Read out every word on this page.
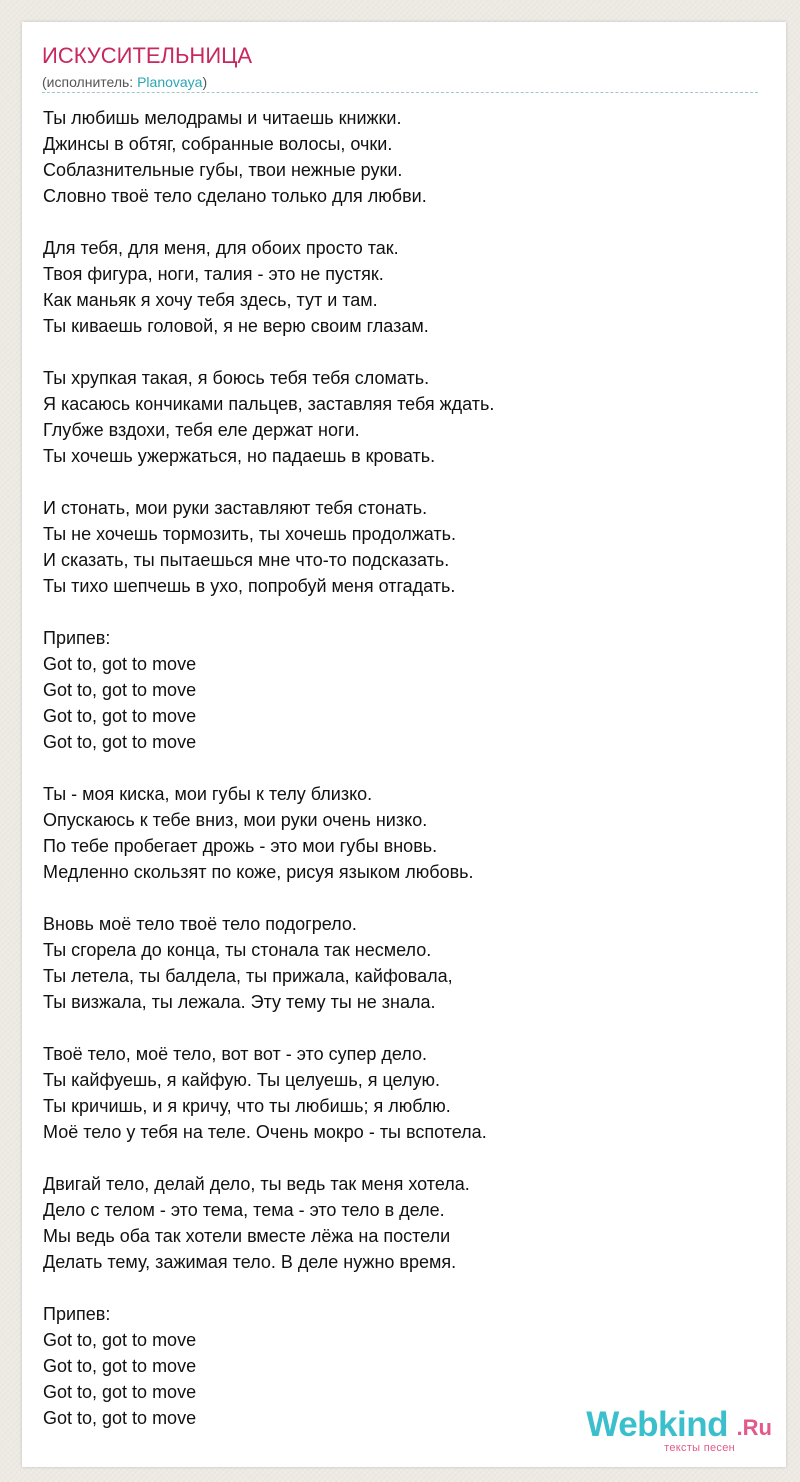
ИСКУСИТЕЛЬНИЦА
(исполнитель: Planovaya)
Ты любишь мелодрамы и читаешь книжки.
Джинсы в обтяг, собранные волосы, очки.
Соблазнительные губы, твои нежные руки.
Словно твоё тело сделано только для любви.
Для тебя, для меня, для обоих просто так.
Твоя фигура, ноги, талия - это не пустяк.
Как маньяк я хочу тебя здесь, тут и там.
Ты киваешь головой, я не верю своим глазам.
Ты хрупкая такая, я боюсь тебя тебя сломать.
Я касаюсь кончиками пальцев, заставляя тебя ждать.
Глубже вздохи, тебя еле держат ноги.
Ты хочешь ужержаться, но падаешь в кровать.
И стонать, мои руки заставляют тебя стонать.
Ты не хочешь тормозить, ты хочешь продолжать.
И сказать, ты пытаешься мне что-то подсказать.
Ты тихо шепчешь в ухо, попробуй меня отгадать.
Припев:
Got to, got to move
Got to, got to move
Got to, got to move
Got to, got to move
Ты - моя киска, мои губы к телу близко.
Опускаюсь к тебе вниз, мои руки очень низко.
По тебе пробегает дрожь - это мои губы вновь.
Медленно скользят по коже, рисуя языком любовь.
Вновь моё тело твоё тело подогрело.
Ты сгорела до конца, ты стонала так несмело.
Ты летела, ты балдела, ты прижала, кайфовала,
Ты визжала, ты лежала. Эту тему ты не знала.
Твоё тело, моё тело, вот вот - это супер дело.
Ты кайфуешь, я кайфую. Ты целуешь, я целую.
Ты кричишь, и я кричу, что ты любишь; я люблю.
Моё тело у тебя на теле. Очень мокро - ты вспотела.
Двигай тело, делай дело, ты ведь так меня хотела.
Дело с телом - это тема, тема - это тело в деле.
Мы ведь оба так хотели вместе лёжа на постели
Делать тему, зажимая тело. В деле нужно время.
Припев:
Got to, got to move
Got to, got to move
Got to, got to move
Got to, got to move	Webkind .Ru
тексты песен
